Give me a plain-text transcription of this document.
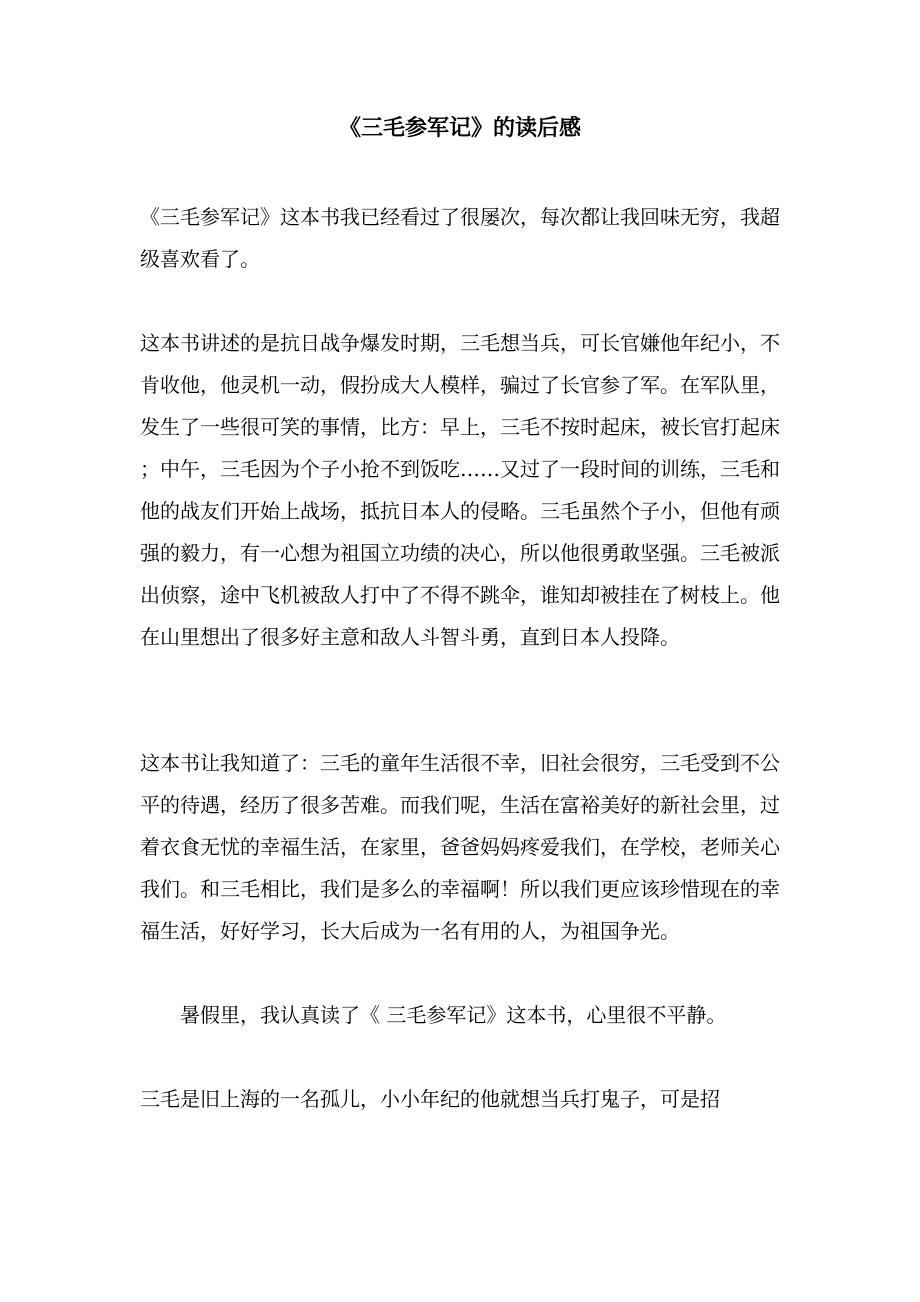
《三毛参军记》的读后感

《三毛参军记》这本书我已经看过了很屡次，每次都让我回味无穷，我超级喜欢看了。

这本书讲述的是抗日战争爆发时期，三毛想当兵，可长官嫌他年纪小，不肯收他，他灵机一动，假扮成大人模样，骗过了长官参了军。在军队里，发生了一些很可笑的事情，比方：早上，三毛不按时起床，被长官打起床；中午，三毛因为个子小抢不到饭吃……又过了一段时间的训练，三毛和他的战友们开始上战场，抵抗日本人的侵略。三毛虽然个子小，但他有顽强的毅力，有一心想为祖国立功绩的决心，所以他很勇敢坚强。三毛被派出侦察，途中飞机被敌人打中了不得不跳伞，谁知却被挂在了树枝上。他在山里想出了很多好主意和敌人斗智斗勇，直到日本人投降。

这本书让我知道了：三毛的童年生活很不幸，旧社会很穷，三毛受到不公平的待遇，经历了很多苦难。而我们呢，生活在富裕美好的新社会里，过着衣食无忧的幸福生活，在家里，爸爸妈妈疼爱我们，在学校，老师关心我们。和三毛相比，我们是多么的幸福啊！所以我们更应该珍惜现在的幸福生活，好好学习，长大后成为一名有用的人，为祖国争光。

暑假里，我认真读了《 三毛参军记》这本书，心里很不平静。

三毛是旧上海的一名孤儿，小小年纪的他就想当兵打鬼子，可是招
